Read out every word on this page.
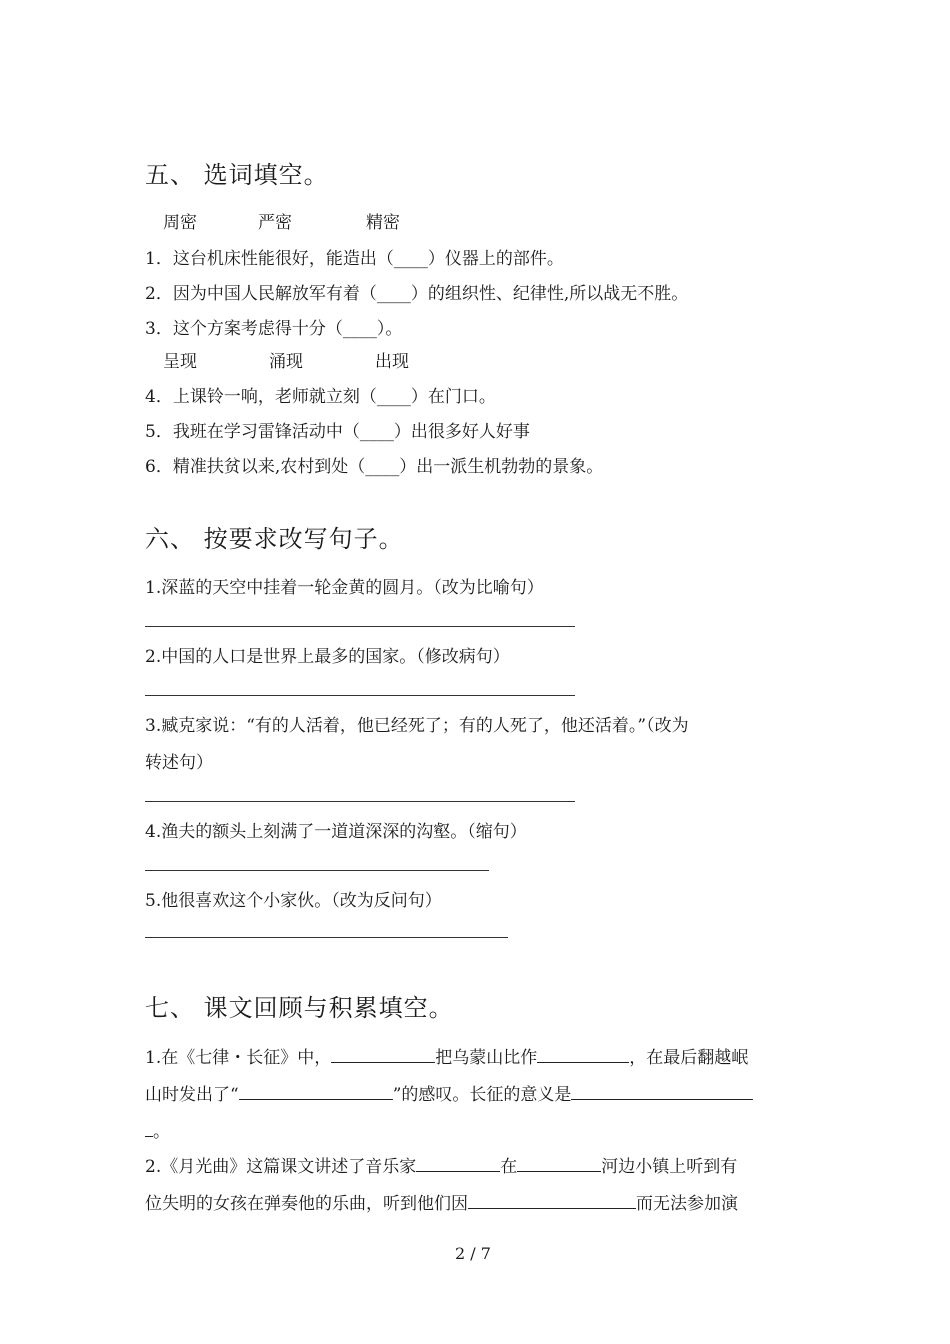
五、 选词填空。
周密	严密	精密
1．这台机床性能很好，能造出（____）仪器上的部件。
2．因为中国人民解放军有着（____）的组织性、纪律性,所以战无不胜。
3．这个方案考虑得十分（____）。
呈现	涌现	出现
4．上课铃一响，老师就立刻（____）在门口。
5．我班在学习雷锋活动中（____）出很多好人好事
6．精准扶贫以来,农村到处（____）出一派生机勃勃的景象。
六、 按要求改写句子。
1.深蓝的天空中挂着一轮金黄的圆月。（改为比喻句）
2.中国的人口是世界上最多的国家。（修改病句）
3.臧克家说：“有的人活着，他已经死了；有的人死了，他还活着。”（改为
转述句）
4.渔夫的额头上刻满了一道道深深的沟壑。（缩句）
5.他很喜欢这个小家伙。（改为反问句）
七、 课文回顾与积累填空。
1.在《七律・长征》中，	把乌蒙山比作	，在最后翻越岷
山时发出了“	”的感叹。长征的意义是
。
2.《月光曲》这篇课文讲述了音乐家	在	河边小镇上听到有
位失明的女孩在弹奏他的乐曲，听到他们因	而无法参加演
2 / 7
